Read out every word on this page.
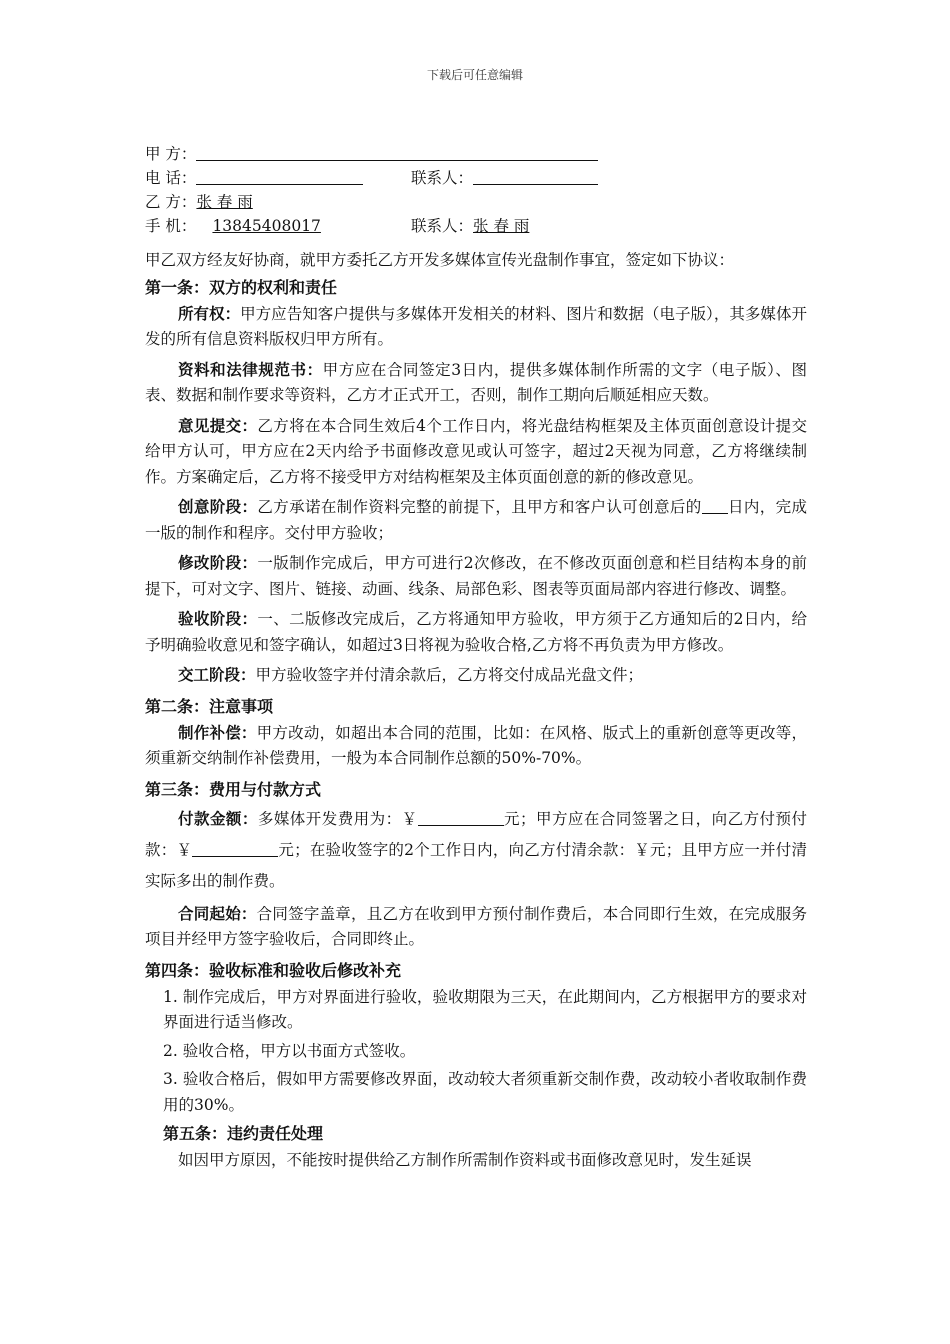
下载后可任意编辑
甲 方：
电 话：	联系人：
乙 方：张 春 雨
手 机： 13845408017	联系人：张 春 雨

甲乙双方经友好协商，就甲方委托乙方开发多媒体宣传光盘制作事宜，签定如下协议：

第一条：双方的权利和责任

所有权：甲方应告知客户提供与多媒体开发相关的材料、图片和数据（电子版），其多媒体开发的所有信息资料版权归甲方所有。

资料和法律规范书：甲方应在合同签定3日内，提供多媒体制作所需的文字（电子版）、图表、数据和制作要求等资料，乙方才正式开工，否则，制作工期向后顺延相应天数。

意见提交：乙方将在本合同生效后4个工作日内，将光盘结构框架及主体页面创意设计提交给甲方认可，甲方应在2天内给予书面修改意见或认可签字，超过2天视为同意，乙方将继续制作。方案确定后，乙方将不接受甲方对结构框架及主体页面创意的新的修改意见。

创意阶段：乙方承诺在制作资料完整的前提下，且甲方和客户认可创意后的 日内，完成一版的制作和程序。交付甲方验收；

修改阶段：一版制作完成后，甲方可进行2次修改，在不修改页面创意和栏目结构本身的前提下，可对文字、图片、链接、动画、线条、局部色彩、图表等页面局部内容进行修改、调整。

验收阶段：一、二版修改完成后，乙方将通知甲方验收，甲方须于乙方通知后的2日内，给予明确验收意见和签字确认，如超过3日将视为验收合格,乙方将不再负责为甲方修改。

交工阶段：甲方验收签字并付清余款后，乙方将交付成品光盘文件；

第二条：注意事项

制作补偿：甲方改动，如超出本合同的范围，比如：在风格、版式上的重新创意等更改等，须重新交纳制作补偿费用，一般为本合同制作总额的50%-70%。

第三条：费用与付款方式

付款金额：多媒体开发费用为：￥	元；甲方应在合同签署之日，向乙方付预付款：￥	元；在验收签字的2个工作日内，向乙方付清余款：￥元；且甲方应一并付清实际多出的制作费。

合同起始：合同签字盖章，且乙方在收到甲方预付制作费后，本合同即行生效，在完成服务项目并经甲方签字验收后，合同即终止。

第四条：验收标准和验收后修改补充

1. 制作完成后，甲方对界面进行验收，验收期限为三天，在此期间内，乙方根据甲方的要求对界面进行适当修改。

2. 验收合格，甲方以书面方式签收。

3. 验收合格后，假如甲方需要修改界面，改动较大者须重新交制作费，改动较小者收取制作费用的30%。

第五条：违约责任处理

如因甲方原因，不能按时提供给乙方制作所需制作资料或书面修改意见时，发生延误
